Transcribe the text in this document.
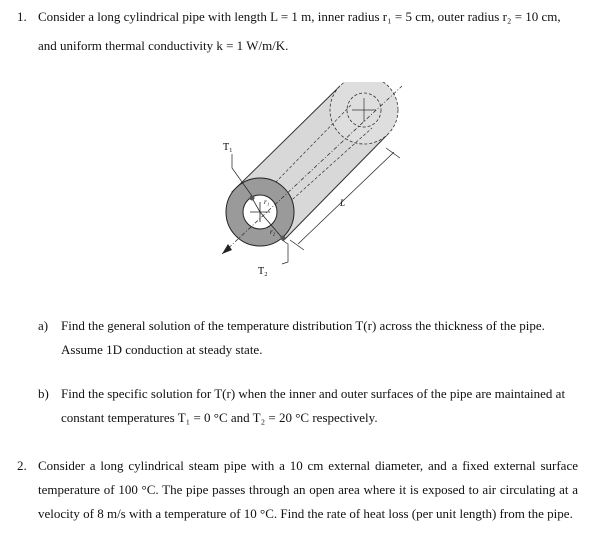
1. Consider a long cylindrical pipe with length L = 1 m, inner radius r₁ = 5 cm, outer radius r₂ = 10 cm,
and uniform thermal conductivity k = 1 W/m/K.
r₁
r₂
L
T₁
T₂
a) Find the general solution of the temperature distribution T(r) across the thickness of the pipe.
Assume 1D conduction at steady state.
b) Find the specific solution for T(r) when the inner and outer surfaces of the pipe are maintained at
constant temperatures T₁ = 0 °C and T₂ = 20 °C respectively.
2. Consider a long cylindrical steam pipe with a 10 cm external diameter, and a fixed external surface
temperature of 100 °C. The pipe passes through an open area where it is exposed to air circulating at a
velocity of 8 m/s with a temperature of 10 °C. Find the rate of heat loss (per unit length) from the pipe.
